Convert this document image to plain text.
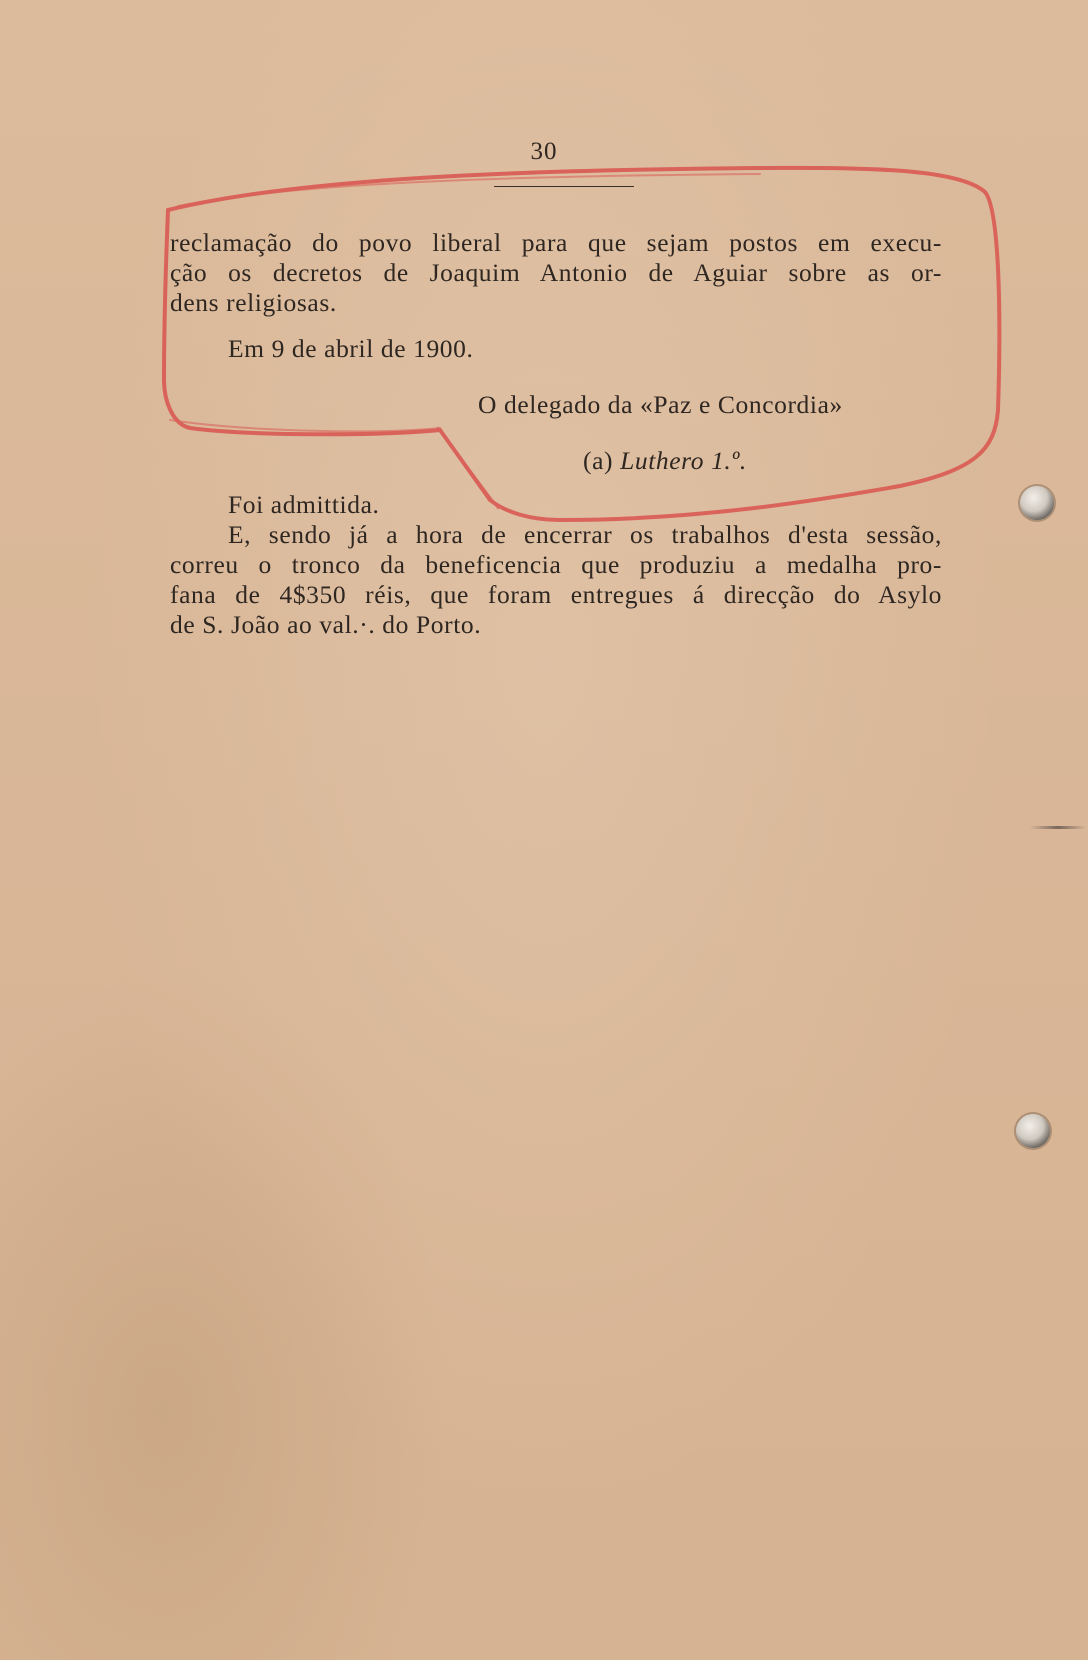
30
reclamação do povo liberal para que sejam postos em execu-
ção os decretos de Joaquim Antonio de Aguiar sobre as or-
dens religiosas.
Em 9 de abril de 1900.
O delegado da «Paz e Concordia»
(a) Luthero 1.º.
Foi admittida.
E, sendo já a hora de encerrar os trabalhos d'esta sessão,
correu o tronco da beneficencia que produziu a medalha pro-
fana de 4$350 réis, que foram entregues á direcção do Asylo
de S. João ao val.·. do Porto.
